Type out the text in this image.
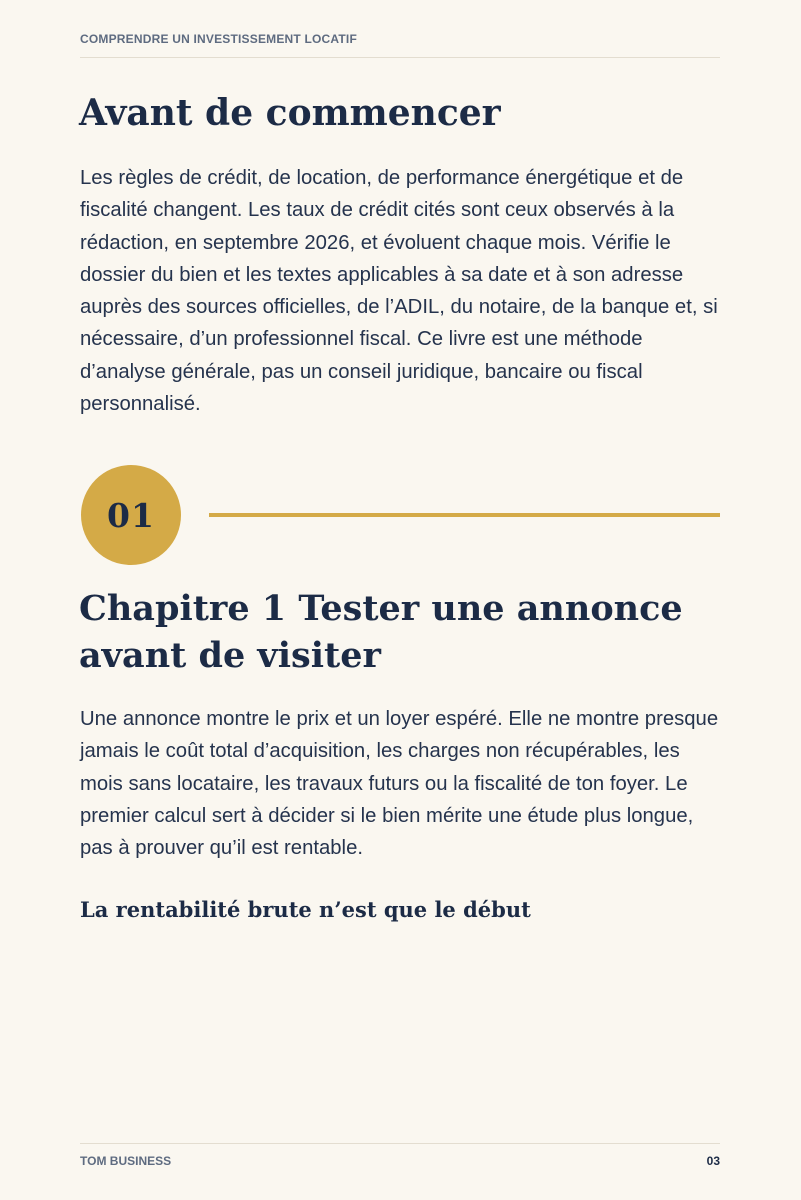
COMPRENDRE UN INVESTISSEMENT LOCATIF
Avant de commencer

Les règles de crédit, de location, de performance énergétique et de fiscalité changent. Les taux de crédit cités sont ceux observés à la rédaction, en septembre 2026, et évoluent chaque mois. Vérifie le dossier du bien et les textes applicables à sa date et à son adresse auprès des sources officielles, de l’ADIL, du notaire, de la banque et, si nécessaire, d’un professionnel fiscal. Ce livre est une méthode d’analyse générale, pas un conseil juridique, bancaire ou fiscal personnalisé.

01
Chapitre 1 Tester une annonce avant de visiter

Une annonce montre le prix et un loyer espéré. Elle ne montre presque jamais le coût total d’acquisition, les charges non récupérables, les mois sans locataire, les travaux futurs ou la fiscalité de ton foyer. Le premier calcul sert à décider si le bien mérite une étude plus longue, pas à prouver qu’il est rentable.

La rentabilité brute n’est que le début
TOM BUSINESS	03
